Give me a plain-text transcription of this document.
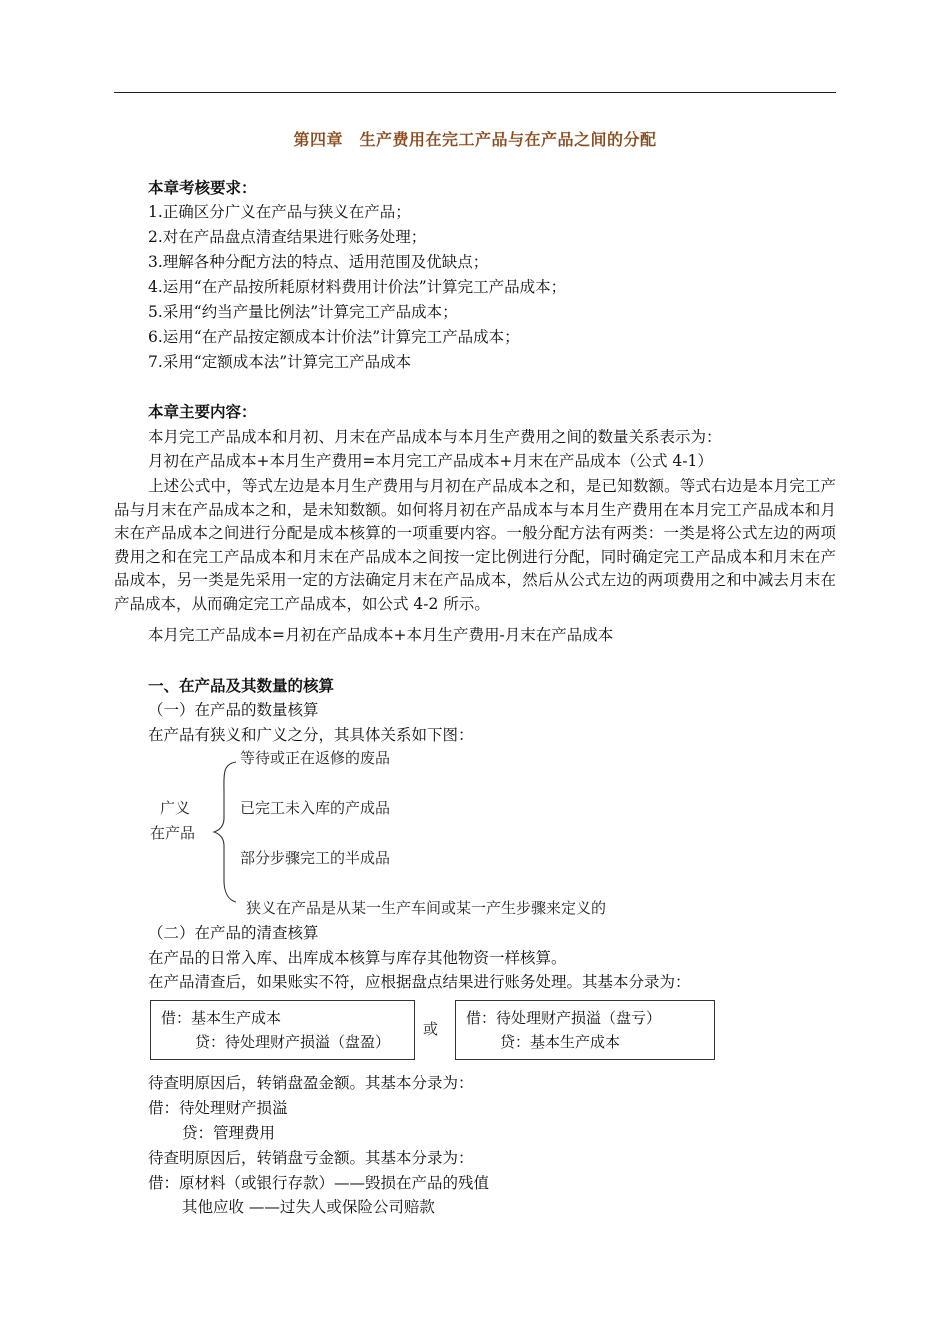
第四章　生产费用在完工产品与在产品之间的分配
本章考核要求：
1.正确区分广义在产品与狭义在产品；
2.对在产品盘点清查结果进行账务处理；
3.理解各种分配方法的特点、适用范围及优缺点；
4.运用“在产品按所耗原材料费用计价法”计算完工产品成本；
5.采用“约当产量比例法”计算完工产品成本；
6.运用“在产品按定额成本计价法”计算完工产品成本；
7.采用“定额成本法”计算完工产品成本
本章主要内容：
本月完工产品成本和月初、月末在产品成本与本月生产费用之间的数量关系表示为：
月初在产品成本+本月生产费用=本月完工产品成本+月末在产品成本（公式 4-1）
上述公式中，等式左边是本月生产费用与月初在产品成本之和，是已知数额。等式右边是本月完工产品与月末在产品成本之和，是未知数额。如何将月初在产品成本与本月生产费用在本月完工产品成本和月末在产品成本之间进行分配是成本核算的一项重要内容。一般分配方法有两类：一类是将公式左边的两项费用之和在完工产品成本和月末在产品成本之间按一定比例进行分配，同时确定完工产品成本和月末在产品成本，另一类是先采用一定的方法确定月末在产品成本，然后从公式左边的两项费用之和中减去月末在产品成本，从而确定完工产品成本，如公式 4-2 所示。
本月完工产品成本=月初在产品成本+本月生产费用-月末在产品成本
一、在产品及其数量的核算
（一）在产品的数量核算
在产品有狭义和广义之分，其具体关系如下图：
广义
在产品
等待或正在返修的废品
已完工未入库的产成品
部分步骤完工的半成品
狭义在产品是从某一生产车间或某一产生步骤来定义的
（二）在产品的清查核算
在产品的日常入库、出库成本核算与库存其他物资一样核算。
在产品清查后，如果账实不符，应根据盘点结果进行账务处理。其基本分录为：
借：基本生产成本
贷：待处理财产损溢（盘盈）
或
借：待处理财产损溢（盘亏）
贷：基本生产成本
待查明原因后，转销盘盈金额。其基本分录为：
借：待处理财产损溢
贷：管理费用
待查明原因后，转销盘亏金额。其基本分录为：
借：原材料（或银行存款）——毁损在产品的残值
其他应收 ——过失人或保险公司赔款
